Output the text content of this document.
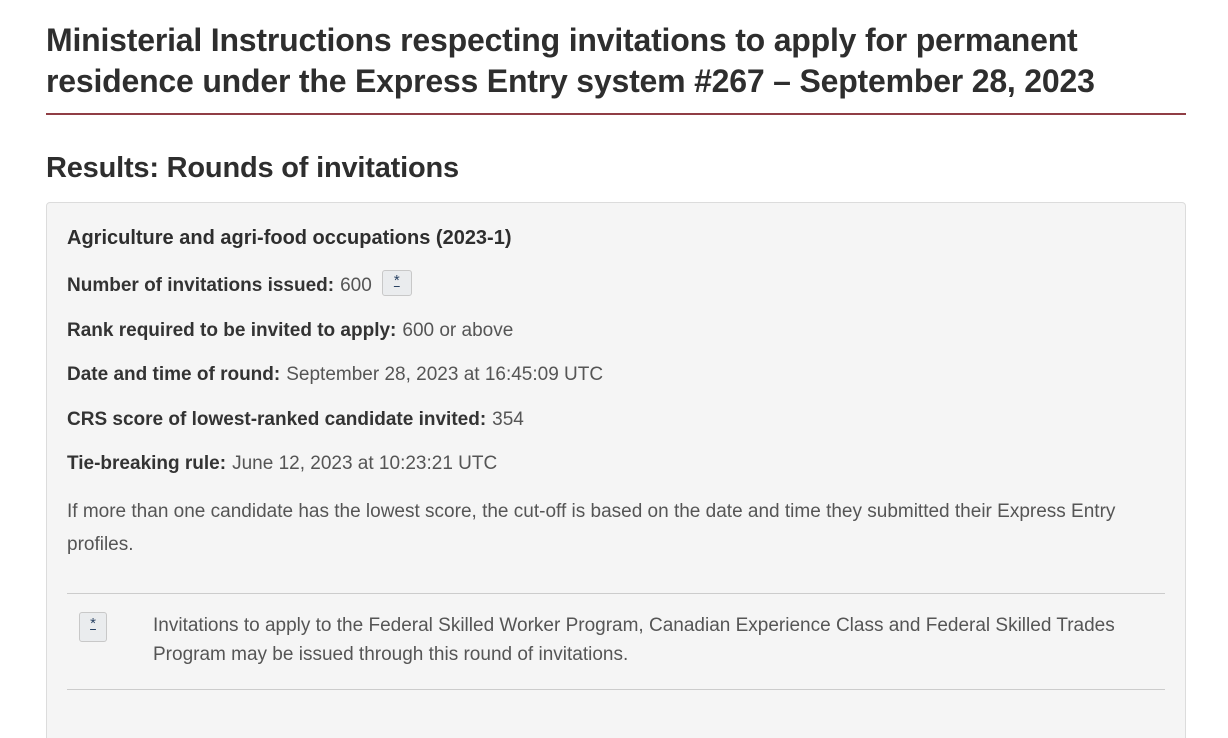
Ministerial Instructions respecting invitations to apply for permanent residence under the Express Entry system #267 – September 28, 2023
Results: Rounds of invitations
Agriculture and agri-food occupations (2023-1)

Number of invitations issued: 600 *

Rank required to be invited to apply: 600 or above

Date and time of round: September 28, 2023 at 16:45:09 UTC

CRS score of lowest-ranked candidate invited: 354

Tie-breaking rule: June 12, 2023 at 10:23:21 UTC

If more than one candidate has the lowest score, the cut-off is based on the date and time they submitted their Express Entry profiles.

*	Invitations to apply to the Federal Skilled Worker Program, Canadian Experience Class and Federal Skilled Trades Program may be issued through this round of invitations.
